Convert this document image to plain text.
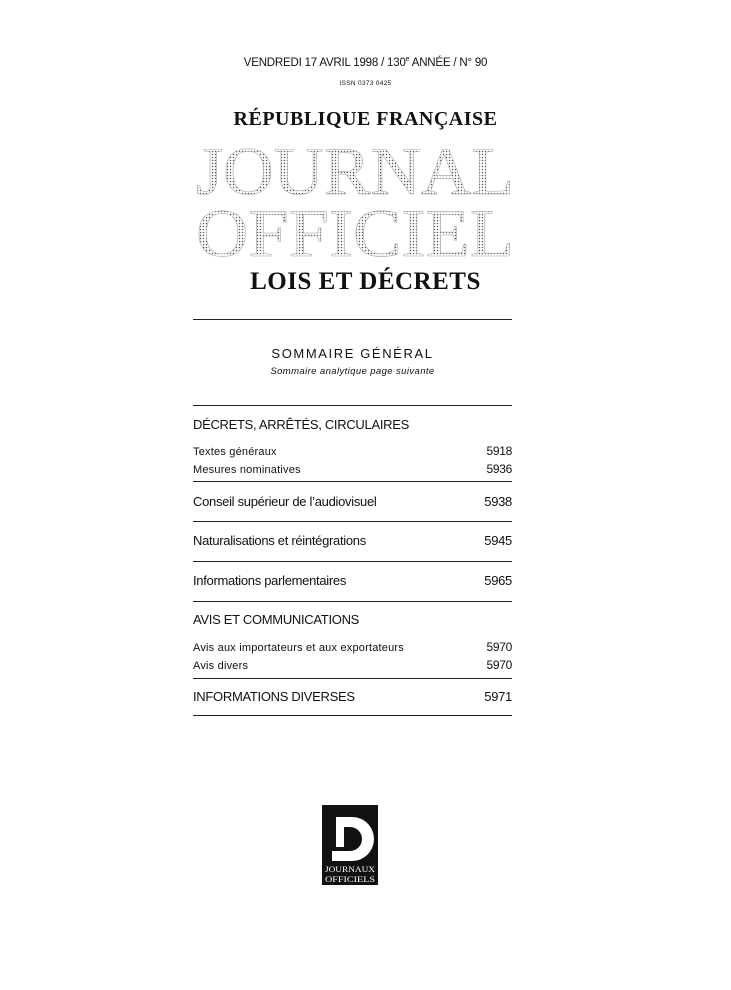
VENDREDI 17 AVRIL 1998 / 130e ANNÉE / N° 90
ISSN 0373 0425
RÉPUBLIQUE FRANÇAISE
JOURNAL
OFFICIEL
LOIS ET DÉCRETS
SOMMAIRE GÉNÉRAL
Sommaire analytique page suivante
DÉCRETS, ARRÊTÉS, CIRCULAIRES
Textes généraux	5918
Mesures nominatives	5936
Conseil supérieur de l’audiovisuel	5938
Naturalisations et réintégrations	5945
Informations parlementaires	5965
AVIS ET COMMUNICATIONS
Avis aux importateurs et aux exportateurs	5970
Avis divers	5970
INFORMATIONS DIVERSES	5971
JOURNAUX
OFFICIELS
